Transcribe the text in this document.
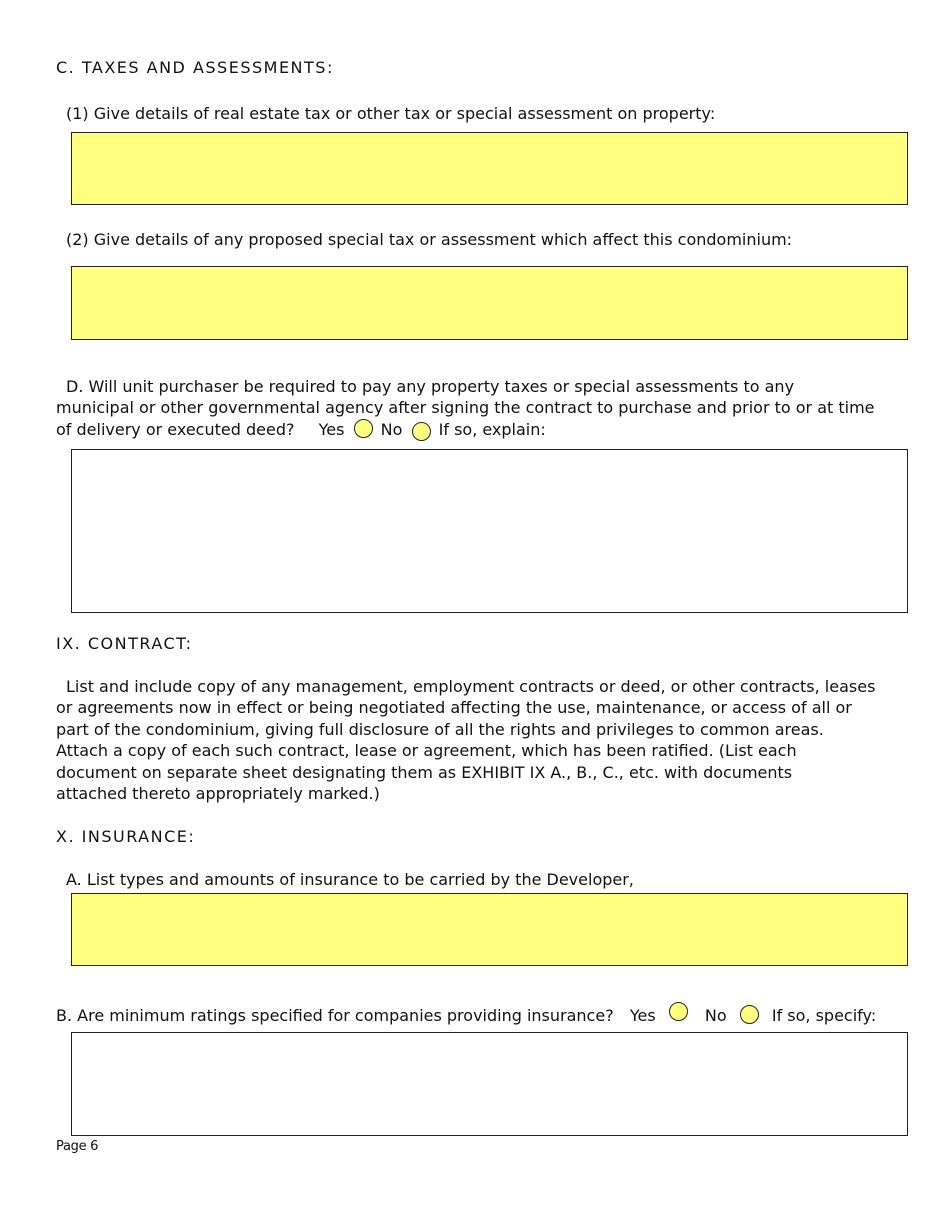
C. TAXES AND ASSESSMENTS:
(1) Give details of real estate tax or other tax or special assessment on property:
(2) Give details of any proposed special tax or assessment which affect this condominium:
D. Will unit purchaser be required to pay any property taxes or special assessments to any
municipal or other governmental agency after signing the contract to purchase and prior to or at time
of delivery or executed deed? Yes No If so, explain:
IX. CONTRACT:
List and include copy of any management, employment contracts or deed, or other contracts, leases
or agreements now in effect or being negotiated affecting the use, maintenance, or access of all or
part of the condominium, giving full disclosure of all the rights and privileges to common areas.
Attach a copy of each such contract, lease or agreement, which has been ratified. (List each
document on separate sheet designating them as EXHIBIT IX A., B., C., etc. with documents
attached thereto appropriately marked.)
X. INSURANCE:
A. List types and amounts of insurance to be carried by the Developer,
B. Are minimum ratings specified for companies providing insurance? Yes	No	If so, specify:
Page 6
